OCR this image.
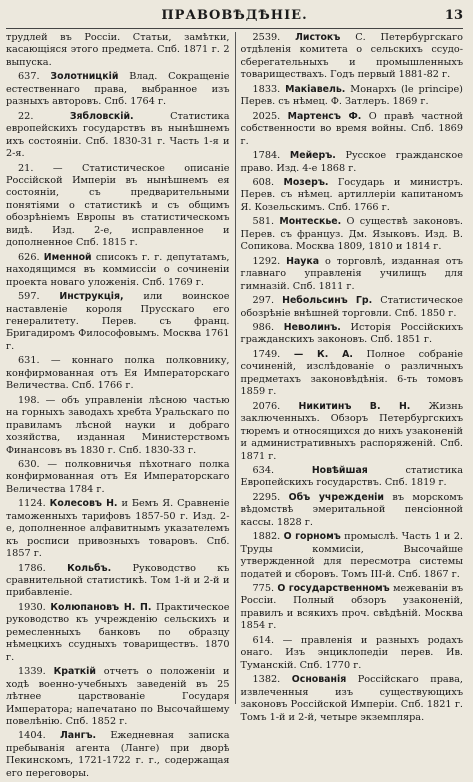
ПРАВОВѢДѢНІЕ.	13

трудлей въ Россіи. Статьи, замѣтки, касающіяся этого предмета. Спб. 1871 г. 2 выпуска.

637. Золотницкій Влад. Сокращеніе естественнаго права, выбранное изъ разныхъ авторовъ. Спб. 1764 г.

22.	Зябловскій.	Статистика европейскихъ государствъ въ нынѣшнемъ ихъ состояніи. Спб. 1830-31 г. Часть 1-я и 2-я.

21. — Статистическое описаніе Россійской Имперіи въ нынѣшнемъ ея состояніи, съ предварительными понятіями о статистикѣ и съ общимъ обозрѣніемъ Европы въ статистическомъ видѣ. Изд. 2-е, исправленное и дополненное Спб. 1815 г.

626. Именной списокъ г. г. депутатамъ, находящимся въ коммиссіи о сочиненіи проекта новаго уложенія. Спб. 1769 г.

597. Инструкція, или воинское наставленіе короля Прусскаго его генералитету. Перев. съ франц. Бригадиромъ Философовымъ. Москва 1761 г.

631. — коннаго полка полковнику, конфирмованная отъ Ея Императорскаго Величества. Спб. 1766 г.

198. — объ управленіи лѣсною частью на горныхъ заводахъ хребта Уральскаго по правиламъ лѣсной науки и добраго хозяйства, изданная Министерствомъ Финансовъ въ 1830 г. Спб. 1830-33 г.

630. — полковничья пѣхотнаго полка конфирмованная отъ Ея Императорскаго Величества 1784 г.

1124. Колесовъ Н. и Бемъ Я. Сравненіе таможенныхъ тарифовъ 1857-50 г. Изд. 2-е, дополненное алфавитнымъ указателемъ къ росписи привозныхъ товаровъ. Спб. 1857 г.

1786. Кольбъ. Руководство къ сравнительной статистикѣ. Том 1-й и 2-й и прибавленіе.

1930. Колюпановъ Н. П. Практическое руководство къ учрежденію сельскихъ и ремесленныхъ банковъ по образцу нѣмецкихъ ссудныхъ товариществъ. 1870 г.

1339. Краткій отчетъ о положеніи и ходѣ военно-учебныхъ заведеній въ 25 лѣтнее царствованіе Государя Императора; напечатано по Высочайшему повелѣнію. Спб. 1852 г.

1404. Лангъ. Ежедневная записка пребыванія агента (Ланге) при дворѣ Пекинскомъ, 1721-1722 г. г., содержащая его переговоры.

2539. Листокъ С. Петербургскаго отдѣленія комитета о сельскихъ ссудо-сберегательныхъ и промышленныхъ товариществахъ. Годъ первый 1881-82 г.

1833. Макіавель. Монархъ (le principe) Перев. съ нѣмец. Ф. Затлеръ. 1869 г.

2025. Мартенсъ Ф. О правѣ частной собственности во время войны. Спб. 1869 г.

1784. Мейеръ. Русское гражданское право. Изд. 4-е 1868 г.

608. Мозеръ. Государь и министръ. Перев. съ нѣмец. артиллеріи капитаномъ Я. Козельскимъ. Спб. 1766 г.

581. Монтескье. О существѣ законовъ. Перев. съ француз. Дм. Языковъ. Изд. В. Сопикова. Москва 1809, 1810 и 1814 г.

1292. Наука о торговлѣ, изданная отъ главнаго управленія училищъ для гимназій. Спб. 1811 г.

297. Небольсинъ Гр. Статистическое обозрѣніе внѣшней торговли. Спб. 1850 г.

986. Неволинъ. Исторія Россійскихъ гражданскихъ законовъ. Спб. 1851 г.

1749. — К. А. Полное собраніе сочиненій, изслѣдованіе о различныхъ предметахъ законовѣдѣнія. 6-ть томовъ 1859 г.

2076. Никитинъ В. Н. Жизнь заключенныхъ. Обзоръ Петербургскихъ тюремъ и относящихся до нихъ узаконеній и административныхъ распоряженій. Спб. 1871 г.

634.	Новѣйшая	статистика Европейскихъ государствъ. Спб. 1819 г.

2295. Объ учрежденіи въ морскомъ вѣдомствѣ эмеритальной пенсіонной кассы. 1828 г.

1882. О горномъ промыслѣ. Часть 1 и 2. Труды коммисіи, Высочайше утвержденной для пересмотра системы податей и сборовъ. Томъ III-й. Спб. 1867 г.

775. О государственномъ межеваніи въ Россіи. Полный обзоръ узаконеній, правилъ и всякихъ проч. свѣдѣній. Москва 1854 г.

614. — правленія и разныхъ родахъ онаго. Изъ энциклопедіи перев. Ив. Туманскій. Спб. 1770 г.

1382. Основанія Россійскаго права, извлеченныя изъ существующихъ законовъ Россійской Имперіи. Спб. 1821 г. Томъ 1-й и 2-й, четыре экземпляра.
